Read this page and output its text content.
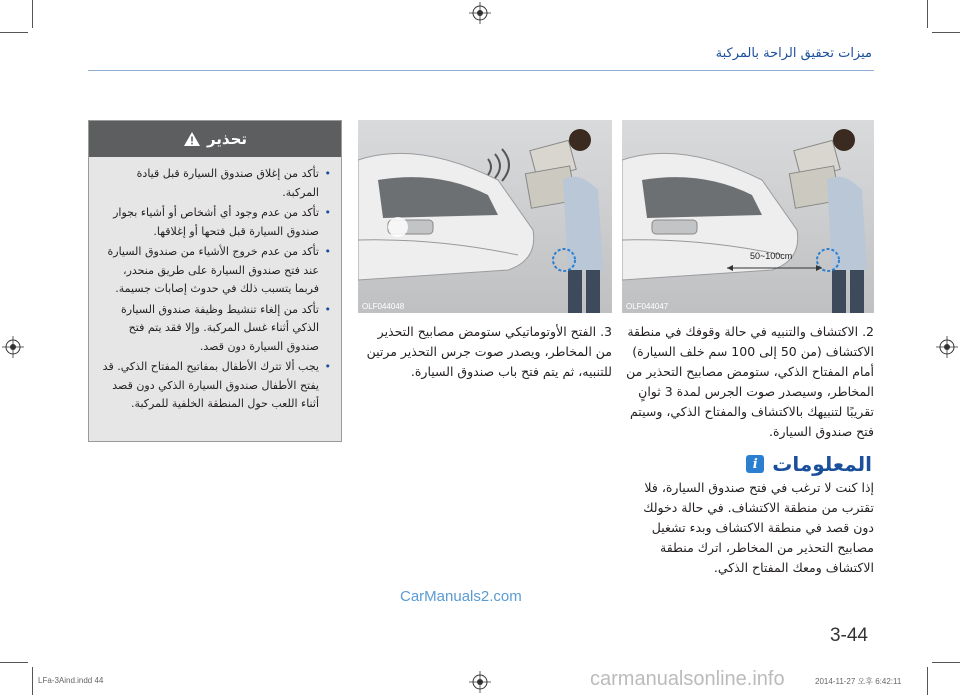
ميزات تحقيق الراحة بالمركبة
تحذير
• تأكد من إغلاق صندوق السيارة قبل قيادة المركبة.
• تأكد من عدم وجود أي أشخاص أو أشياء بجوار صندوق السيارة قبل فتحها أو إغلاقها.
• تأكد من عدم خروج الأشياء من صندوق السيارة عند فتح صندوق السيارة على طريق منحدر، فربما يتسبب ذلك في حدوث إصابات جسيمة.
• تأكد من إلغاء تنشيط وظيفة صندوق السيارة الذكي أثناء غسل المركبة. وإلا فقد يتم فتح صندوق السيارة دون قصد.
• يجب ألا تترك الأطفال بمفاتيح المفتاح الذكي. قد يفتح الأطفال صندوق السيارة الذكي دون قصد أثناء اللعب حول المنطقة الخلفية للمركبة.
OLF044048
50~100cm
OLF044047
2. الاكتشاف والتنبيه في حالة وقوفك في منطقة الاكتشاف (من 50 إلى 100 سم خلف السيارة) أمام المفتاح الذكي، ستومض مصابيح التحذير من المخاطر، وسيصدر صوت الجرس لمدة 3 ثوانٍ تقريبًا لتنبيهك بالاكتشاف والمفتاح الذكي، وسيتم فتح صندوق السيارة.
3. الفتح الأوتوماتيكي ستومض مصابيح التحذير من المخاطر، ويصدر صوت جرس التحذير مرتين للتنبيه، ثم يتم فتح باب صندوق السيارة.
المعلومات
i
إذا كنت لا ترغب في فتح صندوق السيارة، فلا تقترب من منطقة الاكتشاف. في حالة دخولك دون قصد في منطقة الاكتشاف وبدء تشغيل مصابيح التحذير من المخاطر، اترك منطقة الاكتشاف ومعك المفتاح الذكي.
CarManuals2.com
3-44
LFa-3Aind.indd 44	2014-11-27 오후 6:42:11
carmanualsonline.info
